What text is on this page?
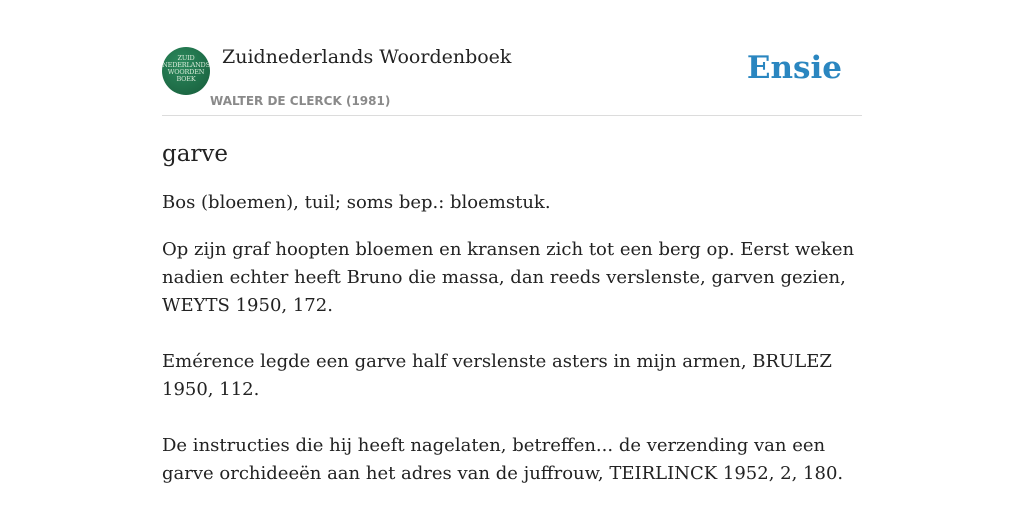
ZUID NEDERLANDS WOORDEN BOEK
Zuidnederlands Woordenboek
WALTER DE CLERCK (1981)
Ensie
garve

Bos (bloemen), tuil; soms bep.: bloemstuk.

Op zijn graf hoopten bloemen en kransen zich tot een berg op. Eerst weken nadien echter heeft Bruno die massa, dan reeds verslenste, garven gezien, WEYTS 1950, 172.

Emérence legde een garve half verslenste asters in mijn armen, BRULEZ 1950, 112.

De instructies die hij heeft nagelaten, betreffen... de verzending van een garve orchideeën aan het adres van de juffrouw, TEIRLINCK 1952, 2, 180.
